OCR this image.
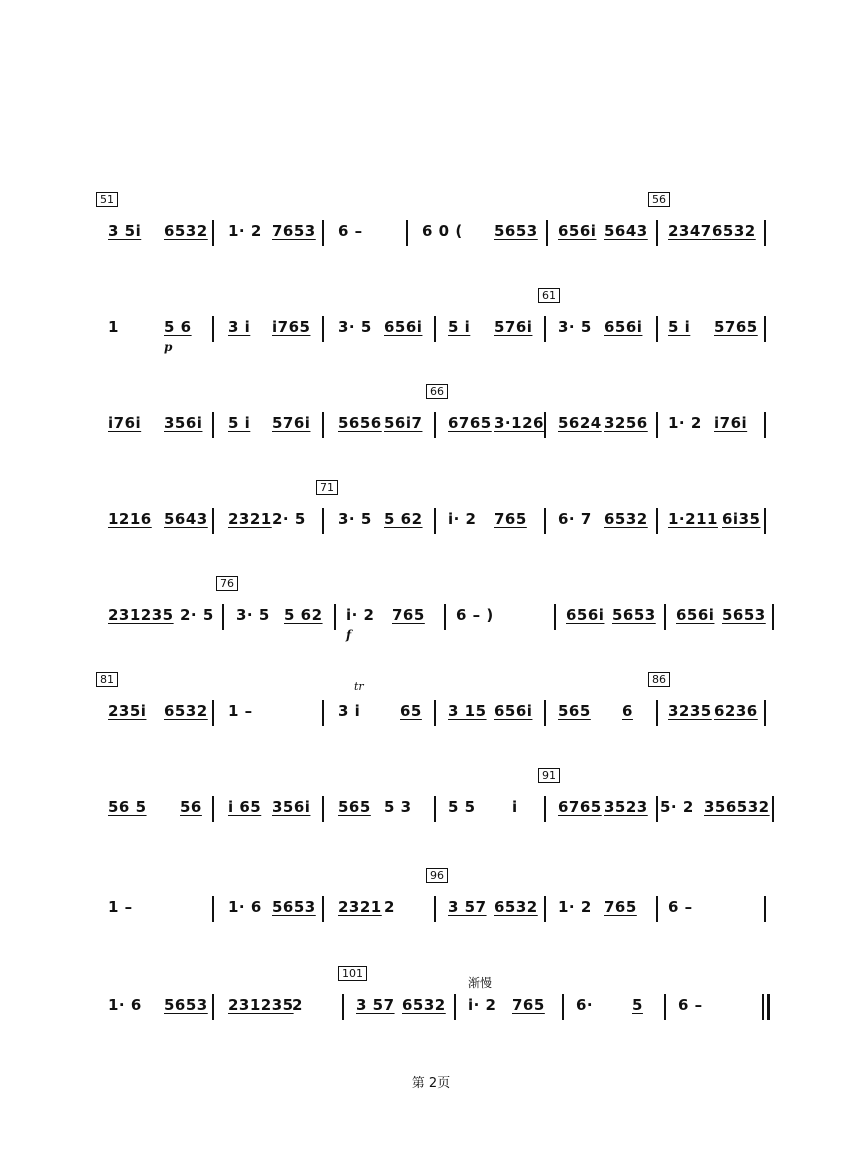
51	56
3 5i 6532 1· 2 7653 6 –	6 0 ( 5653 656i 5643 2347 6532
61
1	5 6
p
3 i i765 3· 5 656i 5 i 576i 3· 5 656i 5 i 5765
66
i76i 356i 5 i 576i 5656 56i7 6765 3·126 5624 3256 1· 2 i76i
71
1216 5643 2321 2· 5 3· 5 5 62 i· 2 765 6· 7 6532 1·211 6i35
76
231235 2· 5 3· 5 5 62 i· 2
f
765 6 – )	656i 5653 656i 5653
81	86
235i 6532 1 –
tr
3 i	65 3 15 656i 565 6 3235 6236
91
56 5 56 i 65 356i 565 5 3 5 5 i	6765 3523 5· 2 356532
96
1 –	1· 6 5653 2321 2	3 57 6532 1· 2 765 6 –
101
渐慢
1· 6 5653 231235
2	3 57 6532 i· 2 765 6·	5 6 –
第 2页
